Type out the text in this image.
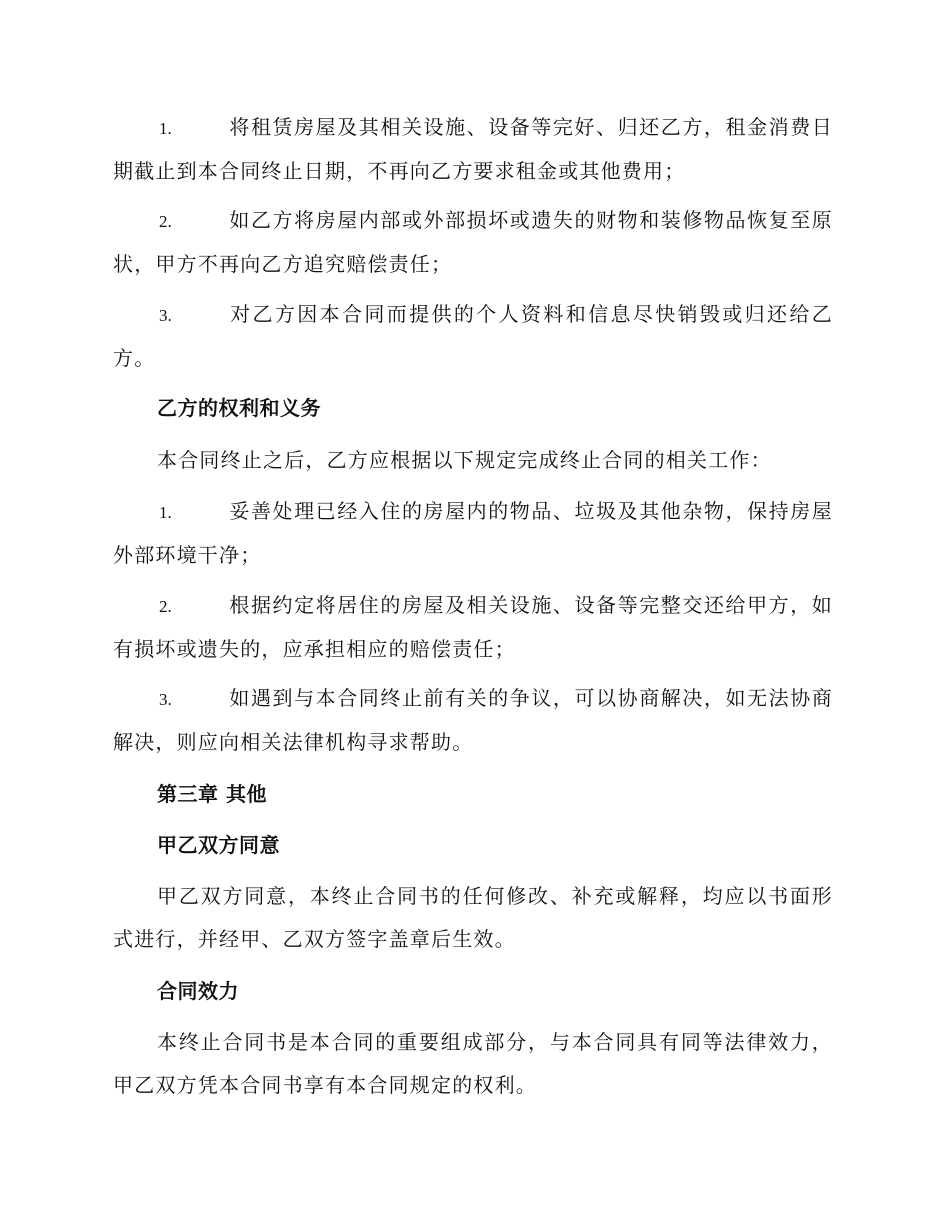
1.	将租赁房屋及其相关设施、设备等完好、归还乙方，租金消费日期截止到本合同终止日期，不再向乙方要求租金或其他费用；

2.	如乙方将房屋内部或外部损坏或遗失的财物和装修物品恢复至原状，甲方不再向乙方追究赔偿责任；

3.	对乙方因本合同而提供的个人资料和信息尽快销毁或归还给乙方。

乙方的权利和义务

本合同终止之后，乙方应根据以下规定完成终止合同的相关工作：

1.	妥善处理已经入住的房屋内的物品、垃圾及其他杂物，保持房屋外部环境干净；

2.	根据约定将居住的房屋及相关设施、设备等完整交还给甲方，如有损坏或遗失的，应承担相应的赔偿责任；

3.	如遇到与本合同终止前有关的争议，可以协商解决，如无法协商解决，则应向相关法律机构寻求帮助。

第三章 其他
甲乙双方同意

甲乙双方同意，本终止合同书的任何修改、补充或解释，均应以书面形式进行，并经甲、乙双方签字盖章后生效。

合同效力

本终止合同书是本合同的重要组成部分，与本合同具有同等法律效力，甲乙双方凭本合同书享有本合同规定的权利。
